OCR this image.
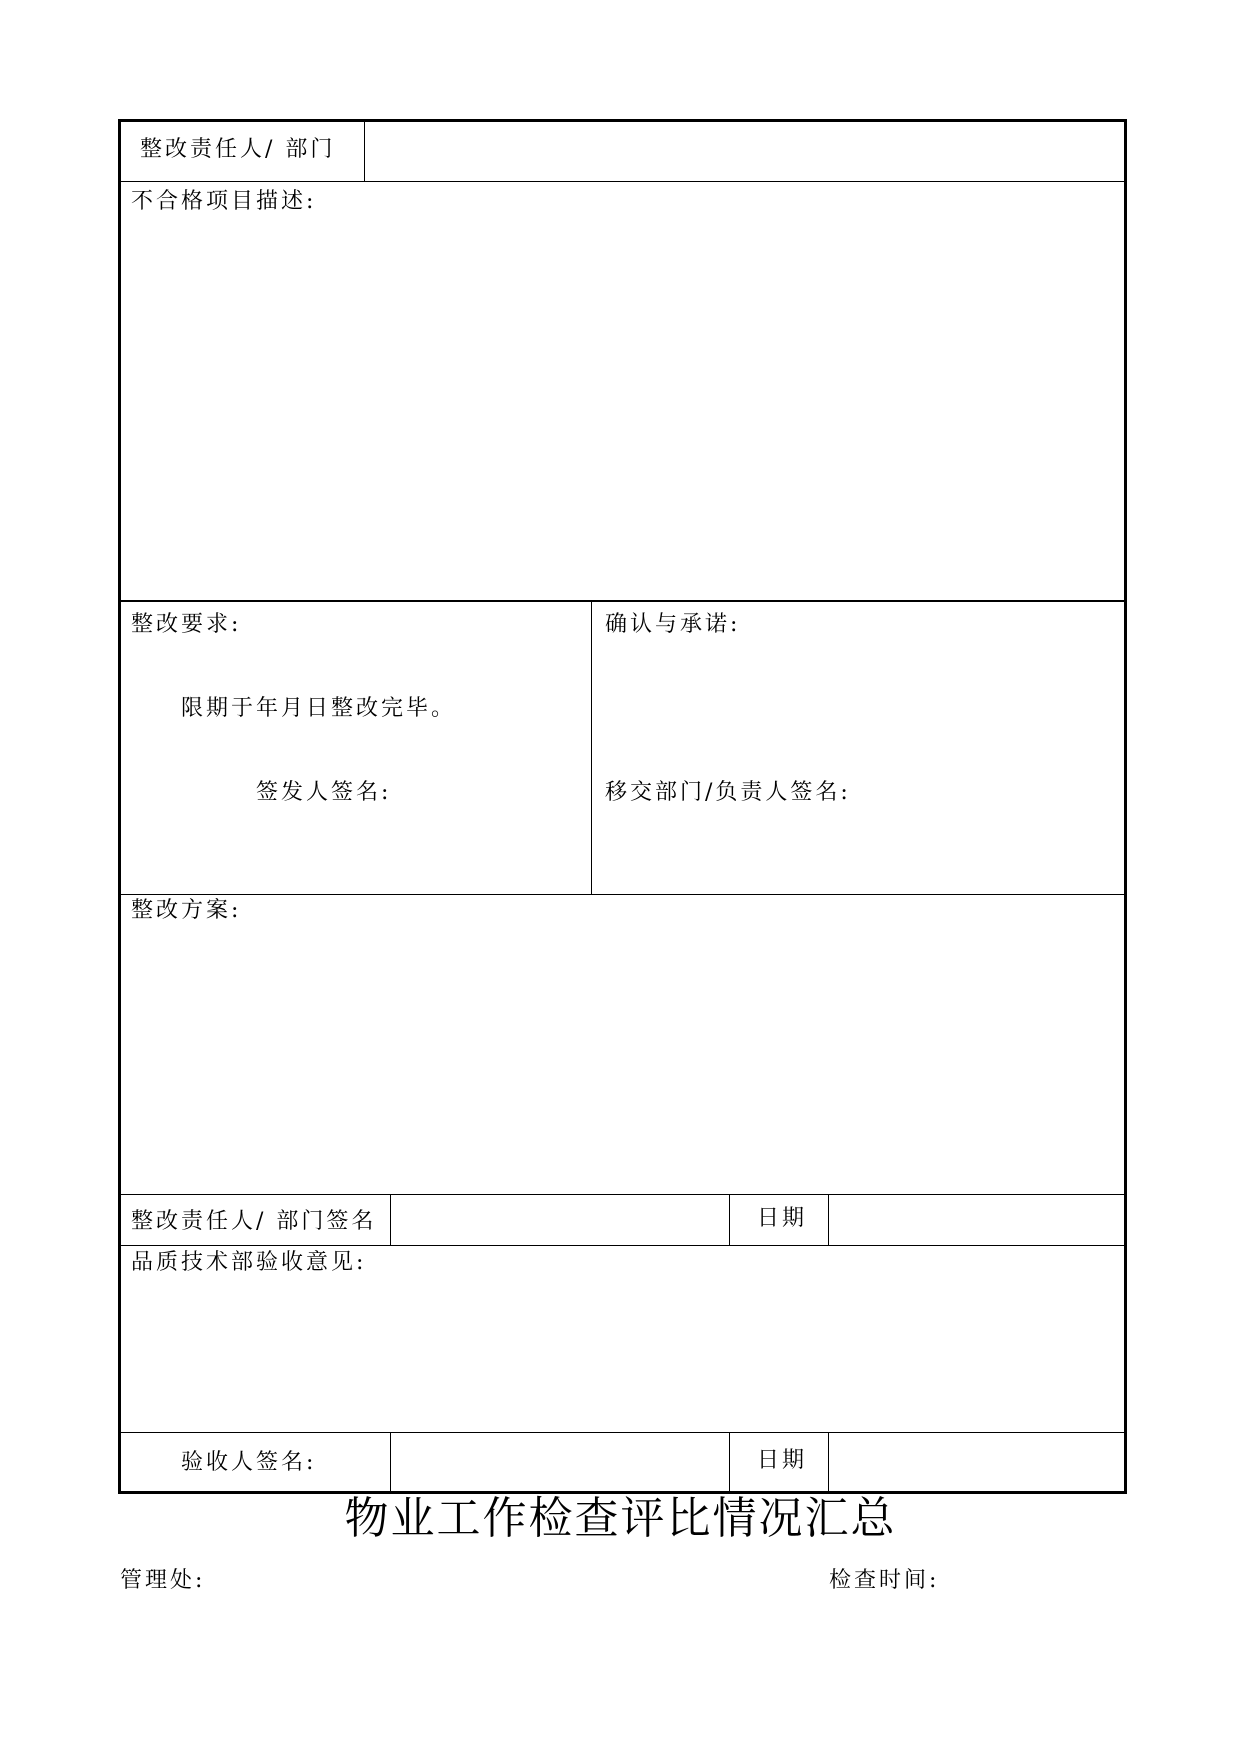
整改责任人/ 部门
不合格项目描述:
整改要求:
限期于年月日整改完毕。
签发人签名:
确认与承诺:
移交部门/负责人签名:
整改方案:
整改责任人/ 部门签名	日期
品质技术部验收意见:
验收人签名:	日期
物业工作检查评比情况汇总
管理处:	检查时间:
